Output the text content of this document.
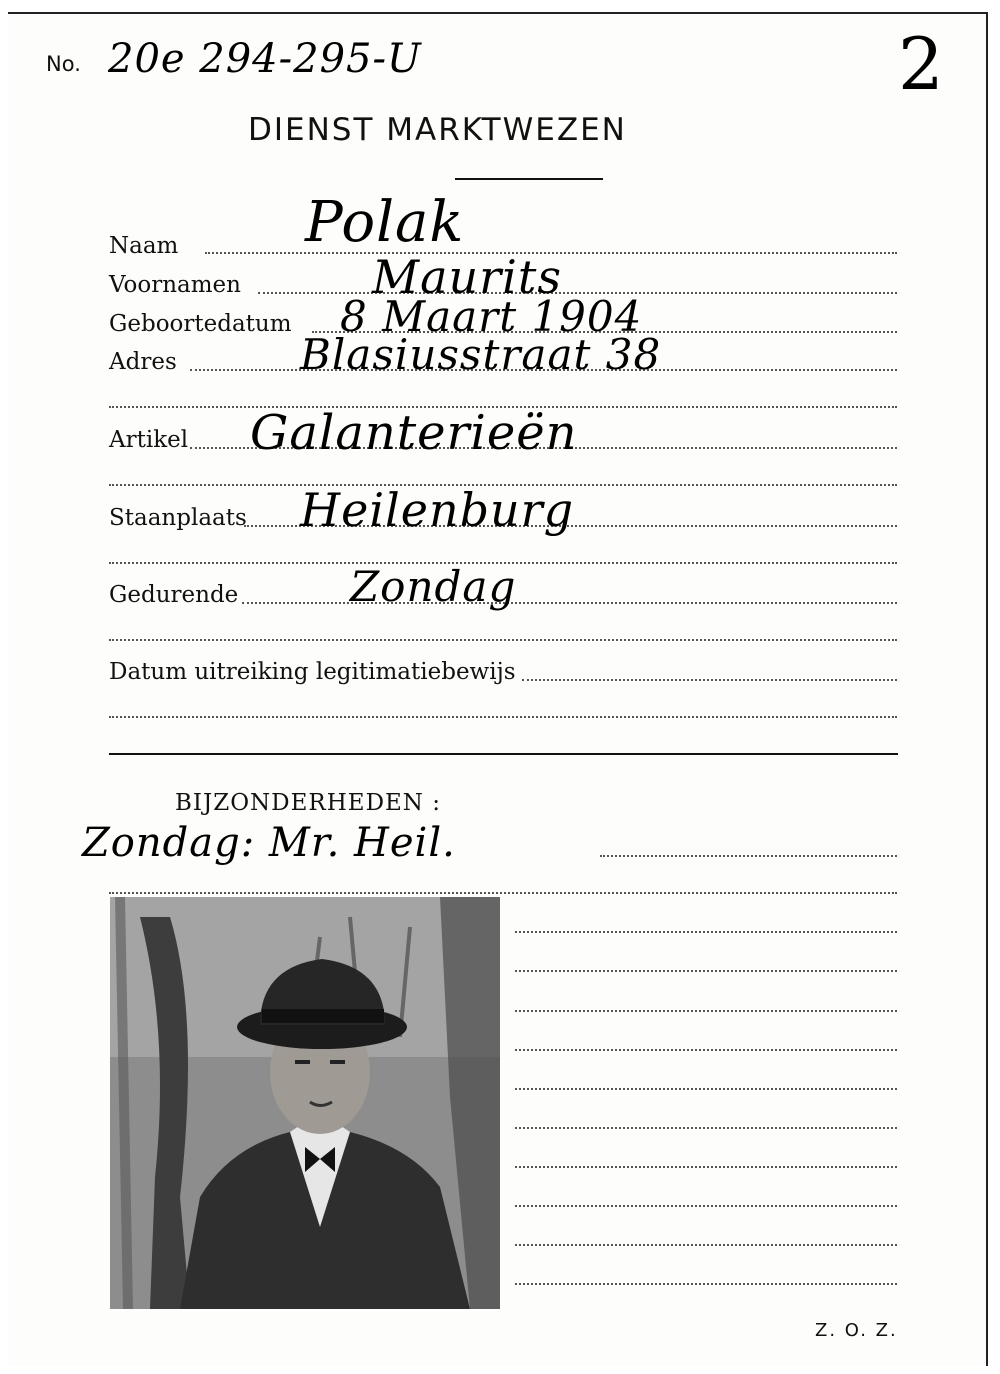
No. 20e 294-295-U	2
DIENST MARKTWEZEN
Naam Polak
Voornamen	Maurits
Geboortedatum 8 Maart 1904
Adres	Blasiusstraat 38
Artikel Galanterieën
Staanplaats Heilenburg
Gedurende	Zondag
Datum uitreiking legitimatiebewijs
BIJZONDERHEDEN :
Zondag: Mr. Heil.
Z. O. Z.
